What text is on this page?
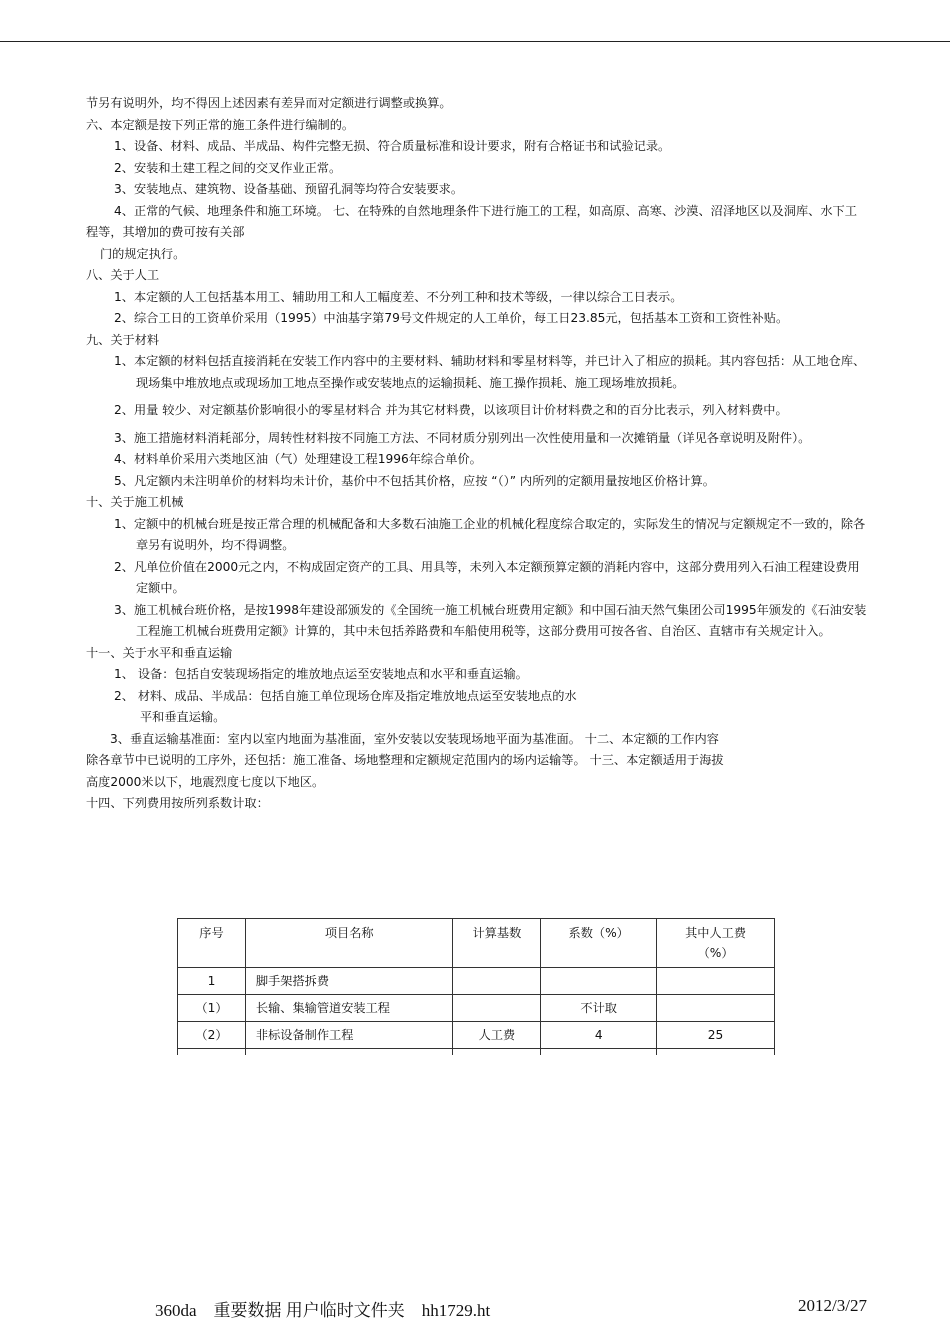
节另有说明外，均不得因上述因素有差异而对定额进行调整或换算。

六、本定额是按下列正常的施工条件进行编制的。

1、设备、材料、成品、半成品、构件完整无损、符合质量标准和设计要求，附有合格证书和试验记录。

2、安装和土建工程之间的交叉作业正常。

3、安装地点、建筑物、设备基础、预留孔洞等均符合安装要求。

4、正常的气候、地理条件和施工环境。 七、在特殊的自然地理条件下进行施工的工程，如高原、高寒、沙漠、沼泽地区以及洞库、水下工程等，其增加的费可按有关部

门的规定执行。

八、关于人工

1、本定额的人工包括基本用工、辅助用工和人工幅度差、不分列工种和技术等级，一律以综合工日表示。

2、综合工日的工资单价采用（1995）中油基字第79号文件规定的人工单价，每工日23.85元，包括基本工资和工资性补贴。

九、关于材料

1、本定额的材料包括直接消耗在安装工作内容中的主要材料、辅助材料和零星材料等，并已计入了相应的损耗。其内容包括：从工地仓库、现场集中堆放地点或现场加工地点至操作或安装地点的运输损耗、施工操作损耗、施工现场堆放损耗。

2、用量 较少、对定额基价影响很小的零星材料合 并为其它材料费，以该项目计价材料费之和的百分比表示，列入材料费中。

3、施工措施材料消耗部分，周转性材料按不同施工方法、不同材质分别列出一次性使用量和一次摊销量（详见各章说明及附件）。

4、材料单价采用六类地区油（气）处理建设工程1996年综合单价。

5、凡定额内未注明单价的材料均未计价，基价中不包括其价格，应按 “（）” 内所列的定额用量按地区价格计算。

十、关于施工机械

1、定额中的机械台班是按正常合理的机械配备和大多数石油施工企业的机械化程度综合取定的，实际发生的情况与定额规定不一致的，除各章另有说明外，均不得调整。

2、凡单位价值在2000元之内，不构成固定资产的工具、用具等，未列入本定额预算定额的消耗内容中，这部分费用列入石油工程建设费用定额中。

3、施工机械台班价格，是按1998年建设部颁发的《全国统一施工机械台班费用定额》和中国石油天然气集团公司1995年颁发的《石油安装工程施工机械台班费用定额》计算的，其中未包括养路费和车船使用税等，这部分费用可按各省、自治区、直辖市有关规定计入。

十一、关于水平和垂直运输

1、 设备：包括自安装现场指定的堆放地点运至安装地点和水平和垂直运输。

2、 材料、成品、半成品：包括自施工单位现场仓库及指定堆放地点运至安装地点的水

平和垂直运输。

3、垂直运输基准面：室内以室内地面为基准面，室外安装以安装现场地平面为基准面。 十二、本定额的工作内容

除各章节中已说明的工序外，还包括：施工准备、场地整理和定额规定范围内的场内运输等。 十三、本定额适用于海拔

高度2000米以下，地震烈度七度以下地区。

十四、下列费用按所列系数计取：

序号	项目名称	计算基数	系数（%）	其中人工费（%）
1	脚手架搭拆费			
（1）	长输、集输管道安装工程		不计取	
（2）	非标设备制作工程	人工费	4	25

360da　重要数据 用户临时文件夹　hh1729.ht	2012/3/27
